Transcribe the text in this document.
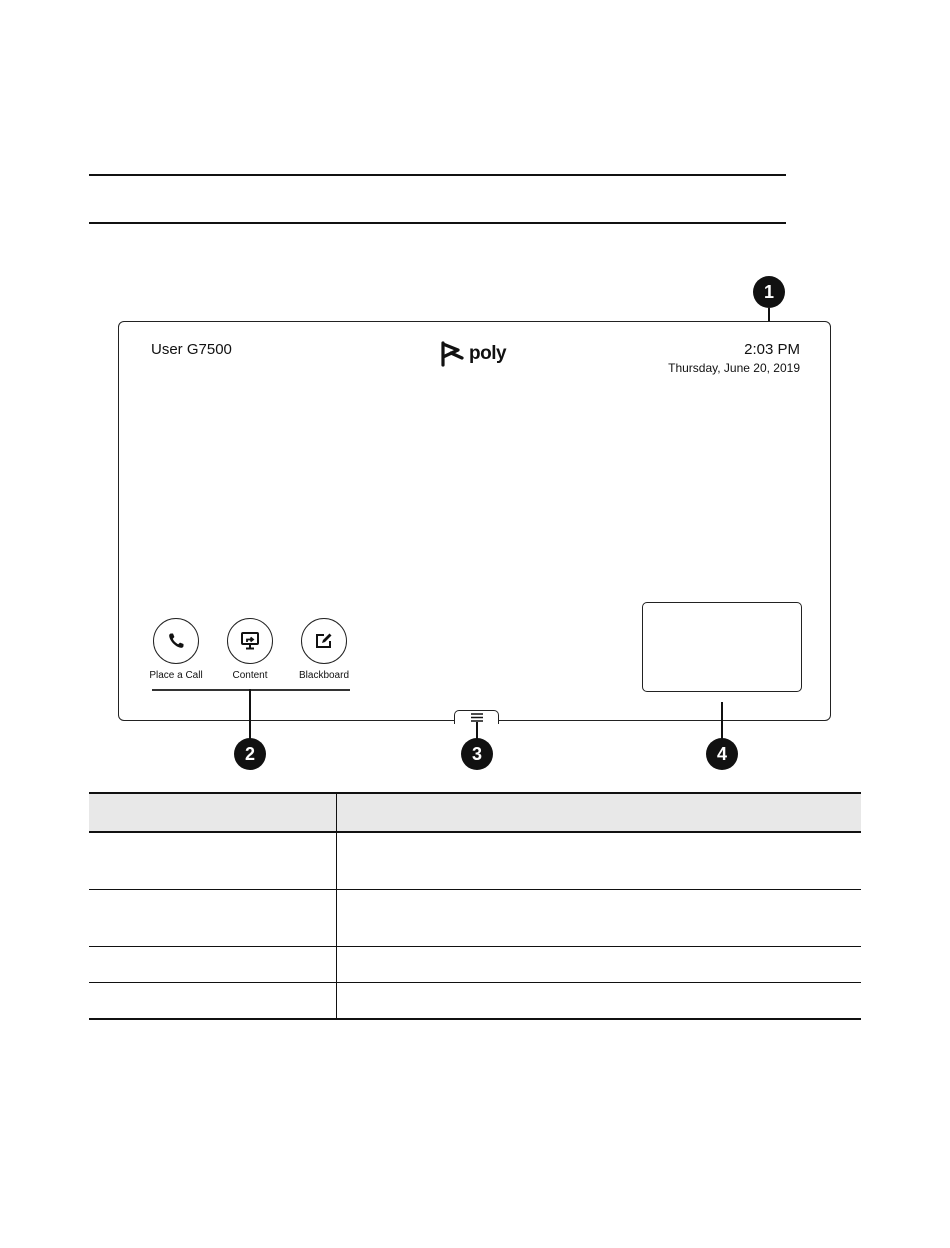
1
User G7500	poly	2:03 PM
Thursday, June 20, 2019
Place a Call	Content	Blackboard
2	3	4
